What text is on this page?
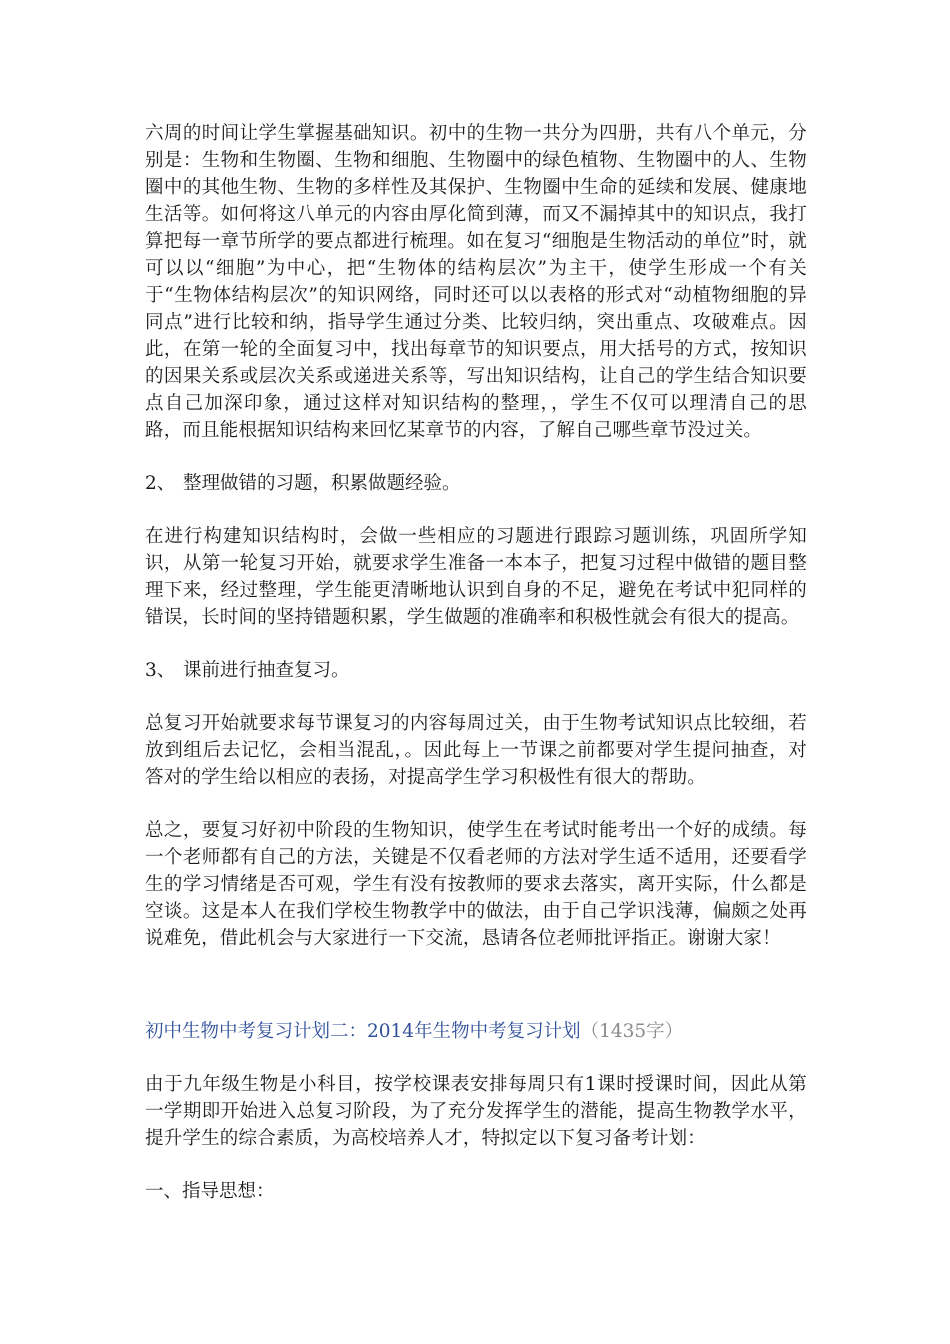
六周的时间让学生掌握基础知识。初中的生物一共分为四册，共有八个单元，分别是：生物和生物圈、生物和细胞、生物圈中的绿色植物、生物圈中的人、生物圈中的其他生物、生物的多样性及其保护、生物圈中生命的延续和发展、健康地生活等。如何将这八单元的内容由厚化简到薄，而又不漏掉其中的知识点，我打算把每一章节所学的要点都进行梳理。如在复习“细胞是生物活动的单位”时，就可以以“细胞”为中心，把“生物体的结构层次”为主干，使学生形成一个有关于“生物体结构层次”的知识网络，同时还可以以表格的形式对“动植物细胞的异同点”进行比较和纳，指导学生通过分类、比较归纳，突出重点、攻破难点。因此，在第一轮的全面复习中，找出每章节的知识要点，用大括号的方式，按知识的因果关系或层次关系或递进关系等，写出知识结构，让自己的学生结合知识要点自己加深印象，通过这样对知识结构的整理，，学生不仅可以理清自己的思路，而且能根据知识结构来回忆某章节的内容，了解自己哪些章节没过关。

2、 整理做错的习题，积累做题经验。

在进行构建知识结构时，会做一些相应的习题进行跟踪习题训练，巩固所学知识，从第一轮复习开始，就要求学生准备一本本子，把复习过程中做错的题目整理下来，经过整理，学生能更清晰地认识到自身的不足，避免在考试中犯同样的错误，长时间的坚持错题积累，学生做题的准确率和积极性就会有很大的提高。

3、 课前进行抽查复习。

总复习开始就要求每节课复习的内容每周过关，由于生物考试知识点比较细，若放到组后去记忆，会相当混乱，。因此每上一节课之前都要对学生提问抽查，对答对的学生给以相应的表扬，对提高学生学习积极性有很大的帮助。

总之，要复习好初中阶段的生物知识，使学生在考试时能考出一个好的成绩。每一个老师都有自己的方法，关键是不仅看老师的方法对学生适不适用，还要看学生的学习情绪是否可观，学生有没有按教师的要求去落实，离开实际，什么都是空谈。这是本人在我们学校生物教学中的做法，由于自己学识浅薄，偏颇之处再说难免，借此机会与大家进行一下交流，恳请各位老师批评指正。谢谢大家！

初中生物中考复习计划二：2014年生物中考复习计划（1435字）

由于九年级生物是小科目，按学校课表安排每周只有1课时授课时间，因此从第一学期即开始进入总复习阶段，为了充分发挥学生的潜能，提高生物教学水平，提升学生的综合素质，为高校培养人才，特拟定以下复习备考计划：

一、指导思想：
